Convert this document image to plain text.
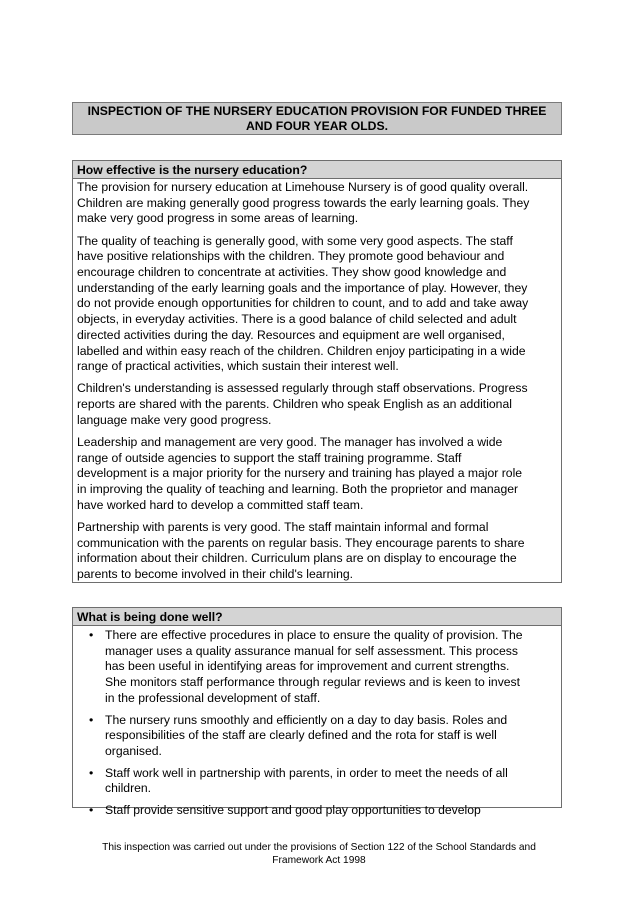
INSPECTION OF THE NURSERY EDUCATION PROVISION FOR FUNDED THREE
AND FOUR YEAR OLDS.
How effective is the nursery education?
The provision for nursery education at Limehouse Nursery is of good quality overall.
Children are making generally good progress towards the early learning goals. They
make very good progress in some areas of learning.
The quality of teaching is generally good, with some very good aspects. The staff
have positive relationships with the children. They promote good behaviour and
encourage children to concentrate at activities. They show good knowledge and
understanding of the early learning goals and the importance of play. However, they
do not provide enough opportunities for children to count, and to add and take away
objects, in everyday activities. There is a good balance of child selected and adult
directed activities during the day. Resources and equipment are well organised,
labelled and within easy reach of the children. Children enjoy participating in a wide
range of practical activities, which sustain their interest well.
Children's understanding is assessed regularly through staff observations. Progress
reports are shared with the parents. Children who speak English as an additional
language make very good progress.
Leadership and management are very good. The manager has involved a wide
range of outside agencies to support the staff training programme. Staff
development is a major priority for the nursery and training has played a major role
in improving the quality of teaching and learning. Both the proprietor and manager
have worked hard to develop a committed staff team.
Partnership with parents is very good. The staff maintain informal and formal
communication with the parents on regular basis. They encourage parents to share
information about their children. Curriculum plans are on display to encourage the
parents to become involved in their child's learning.
What is being done well?
• There are effective procedures in place to ensure the quality of provision. The
manager uses a quality assurance manual for self assessment. This process
has been useful in identifying areas for improvement and current strengths.
She monitors staff performance through regular reviews and is keen to invest
in the professional development of staff.
• The nursery runs smoothly and efficiently on a day to day basis. Roles and
responsibilities of the staff are clearly defined and the rota for staff is well
organised.
• Staff work well in partnership with parents, in order to meet the needs of all
children.
• Staff provide sensitive support and good play opportunities to develop
This inspection was carried out under the provisions of Section 122 of the School Standards and
Framework Act 1998
